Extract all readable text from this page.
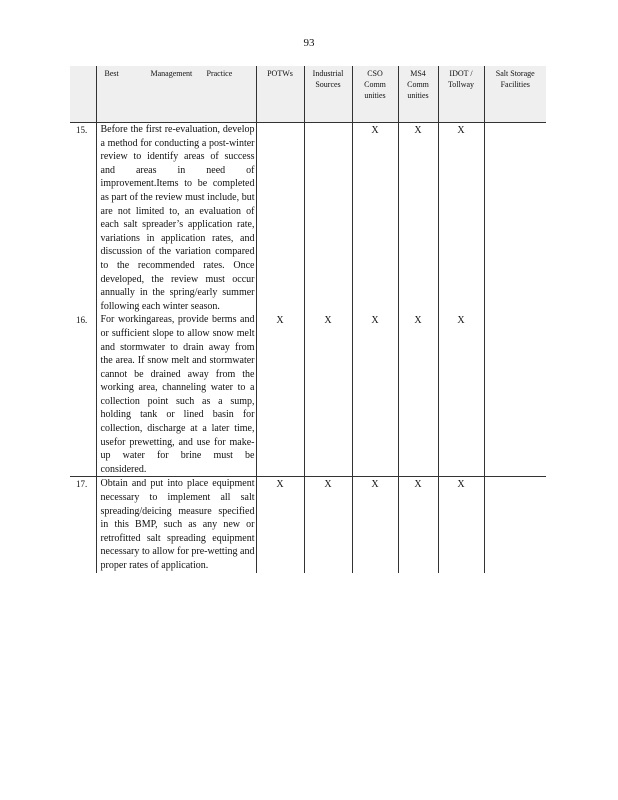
93
	Best Management Practice	POTWs	Industrial Sources	CSO Comm unities	MS4 Comm unities	IDOT / Tollway	Salt Storage Facilities
15.	Before the first re-evaluation, develop a method for conducting a post-winter review to identify areas of success and areas in need of improvement.Items to be completed as part of the review must include, but are not limited to, an evaluation of each salt spreader’s application rate, variations in application rates, and discussion of the variation compared to the recommended rates. Once developed, the review must occur annually in the spring/early summer following each winter season.			X	X	X	
16.	For workingareas, provide berms and or sufficient slope to allow snow melt and stormwater to drain away from the area. If snow melt and stormwater cannot be drained away from the working area, channeling water to a collection point such as a sump, holding tank or lined basin for collection, discharge at a later time, usefor prewetting, and use for make-up water for brine must be considered.	X	X	X	X	X	
17.	Obtain and put into place equipment necessary to implement all salt spreading/deicing measure specified in this BMP, such as any new or retrofitted salt spreading equipment necessary to allow for pre-wetting and proper rates of application.	X	X	X	X	X	
